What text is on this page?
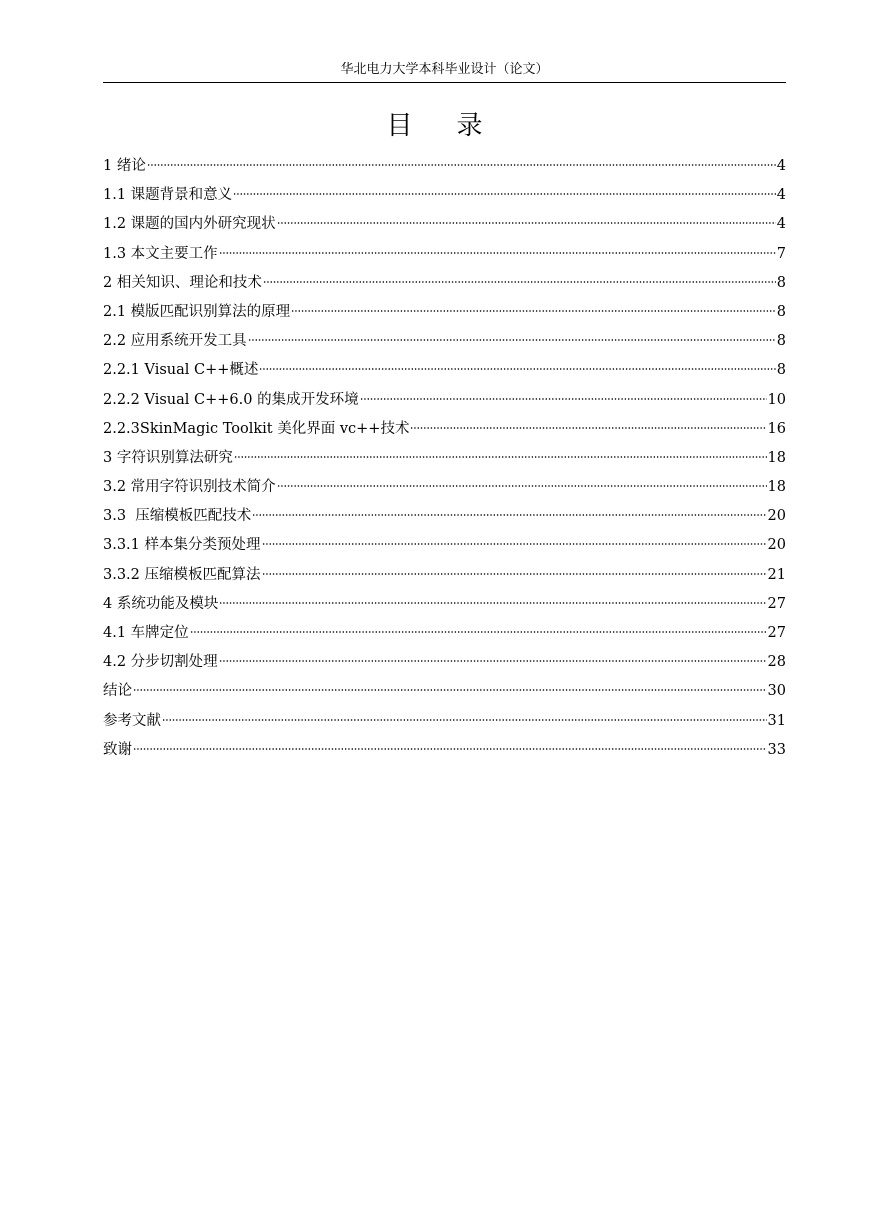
华北电力大学本科毕业设计（论文）
目 录
1 绪论	4
1.1 课题背景和意义	4
1.2 课题的国内外研究现状	4
1.3 本文主要工作	7
2 相关知识、理论和技术	8
2.1 模版匹配识别算法的原理	8
2.2 应用系统开发工具	8
2.2.1 Visual C++概述	8
2.2.2 Visual C++6.0 的集成开发环境	10
2.2.3SkinMagic Toolkit 美化界面 vc++技术	16
3 字符识别算法研究	18
3.2 常用字符识别技术简介	18
3.3  压缩模板匹配技术	20
3.3.1 样本集分类预处理	20
3.3.2 压缩模板匹配算法	21
4 系统功能及模块	27
4.1 车牌定位	27
4.2 分步切割处理	28
结论	30
参考文献	31
致谢	33
